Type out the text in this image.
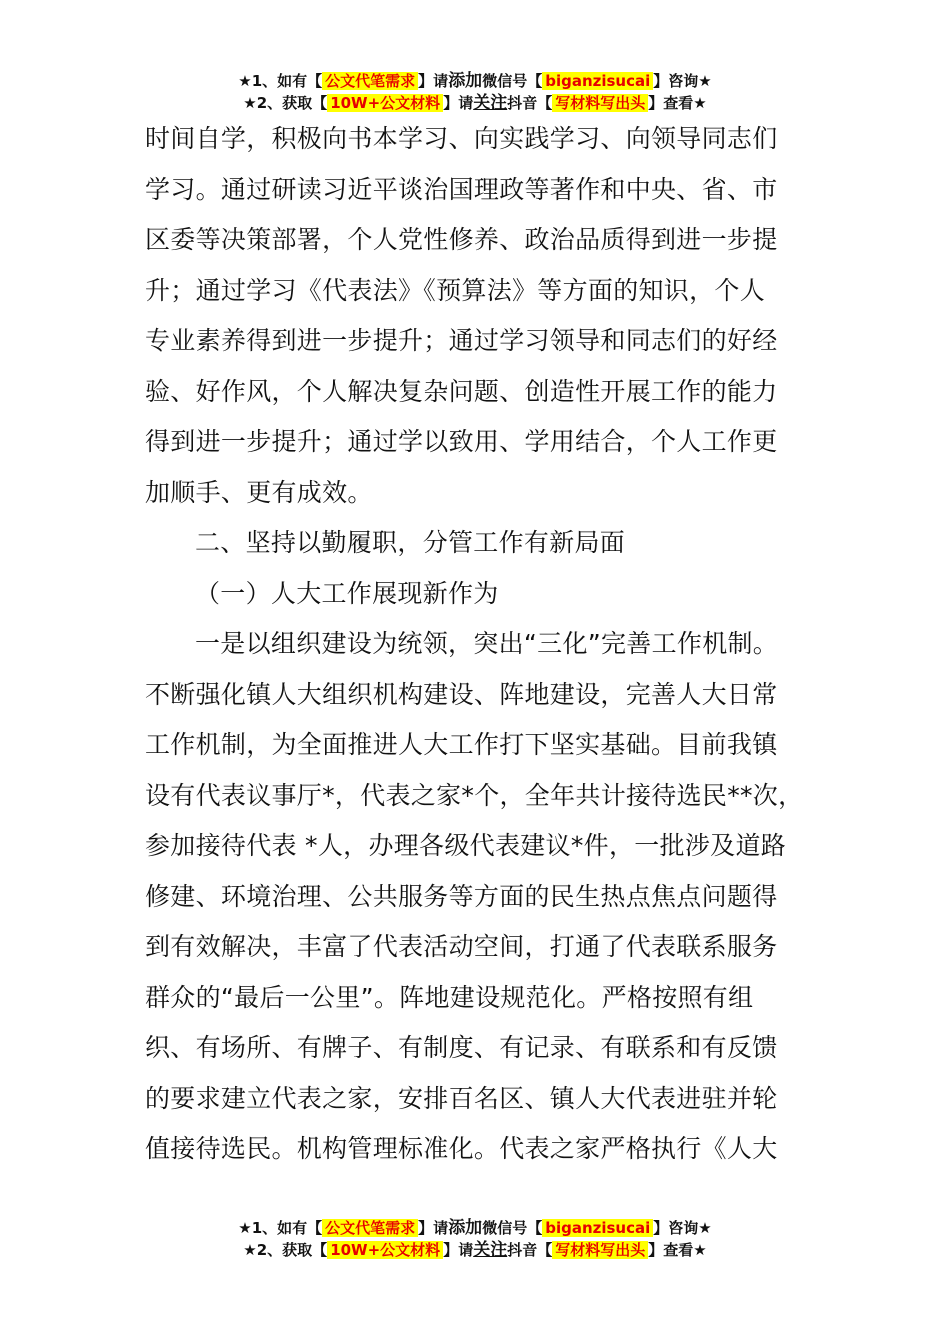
★1、如有【 公文代笔需求 】请添加微信号【 biganzisucai 】咨询★
★2、获取【 10W+公文材料 】请关注抖音【 写材料写出头 】查看★
时间自学，积极向书本学习、向实践学习、向领导同志们
学习。通过研读习近平谈治国理政等著作和中央、省、市
区委等决策部署，个人党性修养、政治品质得到进一步提
升；通过学习《代表法》《预算法》等方面的知识，个人
专业素养得到进一步提升；通过学习领导和同志们的好经
验、好作风，个人解决复杂问题、创造性开展工作的能力
得到进一步提升；通过学以致用、学用结合，个人工作更
加顺手、更有成效。
二、坚持以勤履职，分管工作有新局面
（一）人大工作展现新作为
一是以组织建设为统领，突出“三化”完善工作机制。
不断强化镇人大组织机构建设、阵地建设，完善人大日常
工作机制，为全面推进人大工作打下坚实基础。目前我镇
设有代表议事厅*，代表之家*个，全年共计接待选民**次，
参加接待代表 *人，办理各级代表建议*件，一批涉及道路
修建、环境治理、公共服务等方面的民生热点焦点问题得
到有效解决，丰富了代表活动空间，打通了代表联系服务
群众的“最后一公里”。阵地建设规范化。严格按照有组
织、有场所、有牌子、有制度、有记录、有联系和有反馈
的要求建立代表之家，安排百名区、镇人大代表进驻并轮
值接待选民。机构管理标准化。代表之家严格执行《人大
★1、如有【 公文代笔需求 】请添加微信号【 biganzisucai 】咨询★
★2、获取【 10W+公文材料 】请关注抖音【 写材料写出头 】查看★
